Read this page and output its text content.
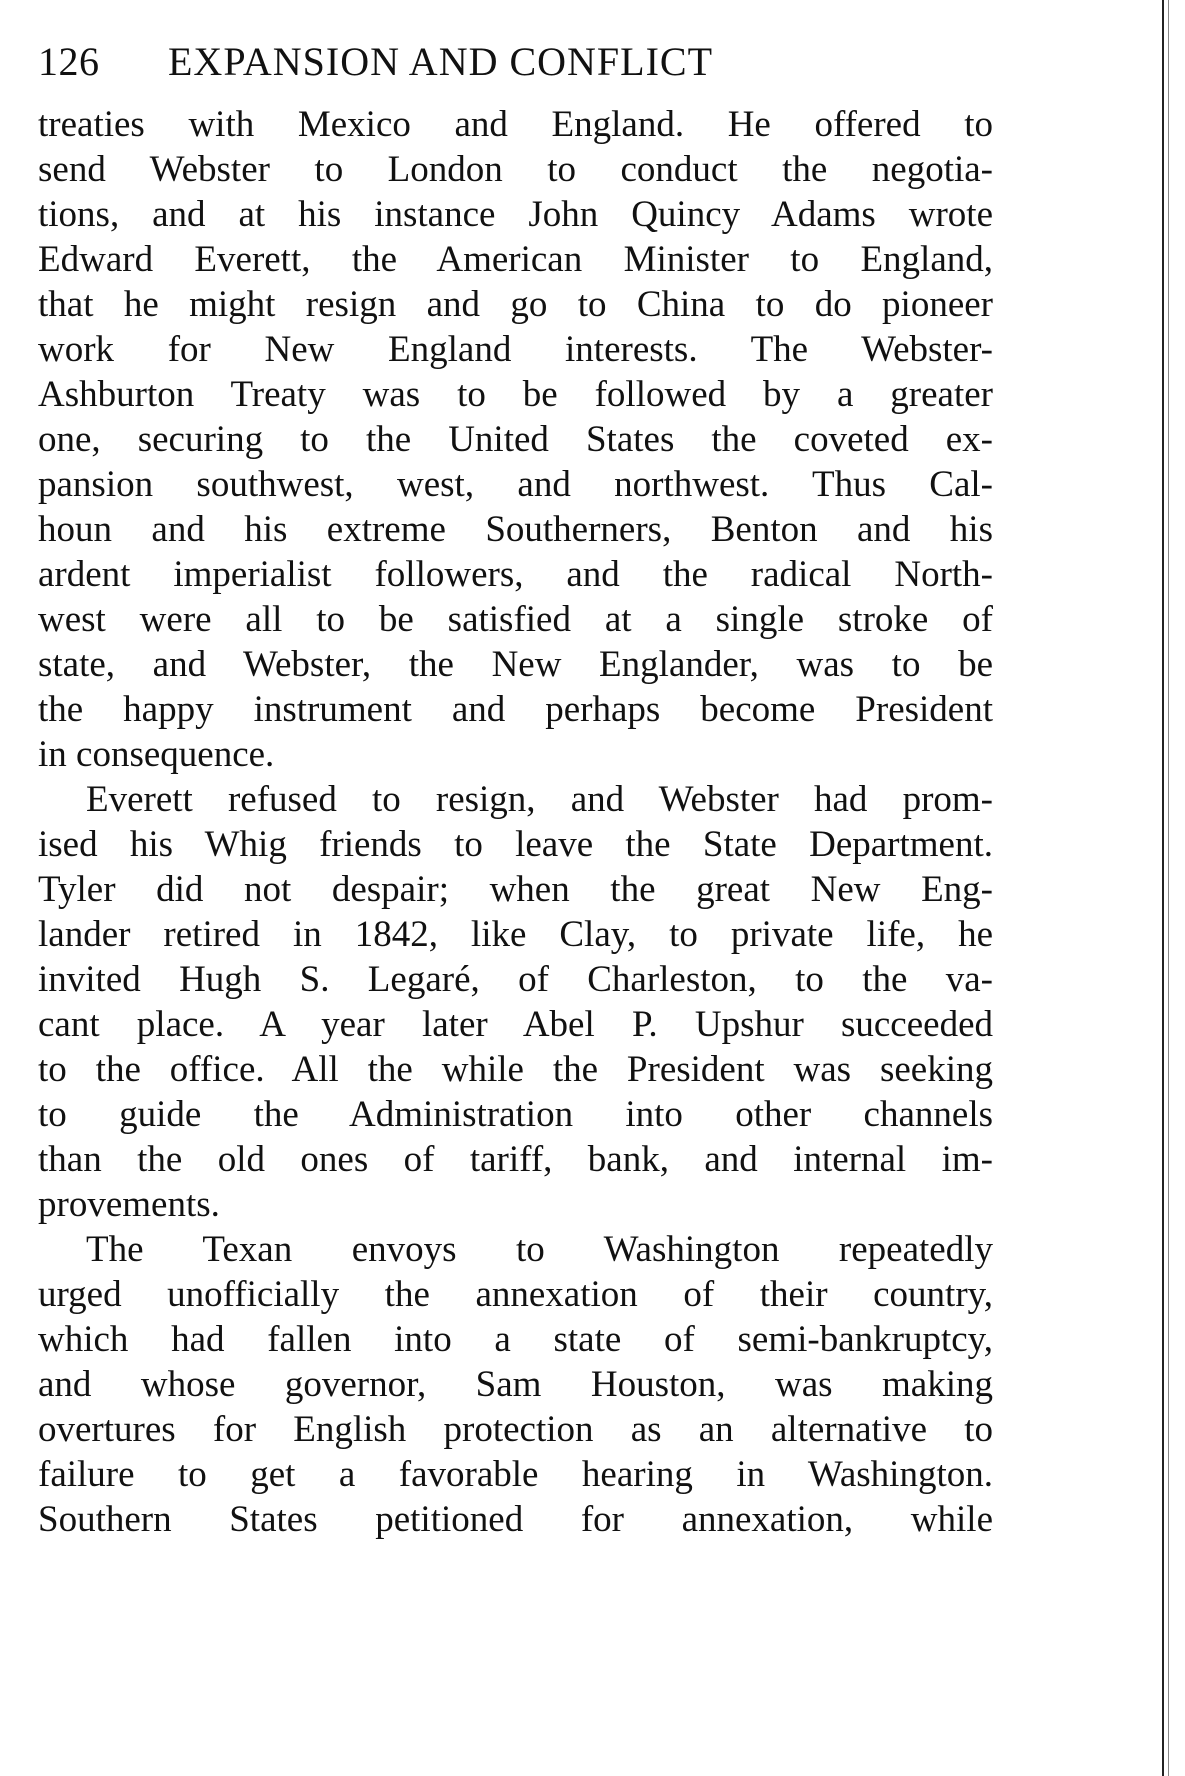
126	EXPANSION AND CONFLICT
treaties with Mexico and England. He offered to
send Webster to London to conduct the negotia-
tions, and at his instance John Quincy Adams wrote
Edward Everett, the American Minister to England,
that he might resign and go to China to do pioneer
work for New England interests. The Webster-
Ashburton Treaty was to be followed by a greater
one, securing to the United States the coveted ex-
pansion southwest, west, and northwest. Thus Cal-
houn and his extreme Southerners, Benton and his
ardent imperialist followers, and the radical North-
west were all to be satisfied at a single stroke of
state, and Webster, the New Englander, was to be
the happy instrument and perhaps become President
in consequence.
Everett refused to resign, and Webster had prom-
ised his Whig friends to leave the State Department.
Tyler did not despair; when the great New Eng-
lander retired in 1842, like Clay, to private life, he
invited Hugh S. Legaré, of Charleston, to the va-
cant place. A year later Abel P. Upshur succeeded
to the office. All the while the President was seeking
to guide the Administration into other channels
than the old ones of tariff, bank, and internal im-
provements.
The Texan envoys to Washington repeatedly
urged unofficially the annexation of their country,
which had fallen into a state of semi-bankruptcy,
and whose governor, Sam Houston, was making
overtures for English protection as an alternative to
failure to get a favorable hearing in Washington.
Southern States petitioned for annexation, while
